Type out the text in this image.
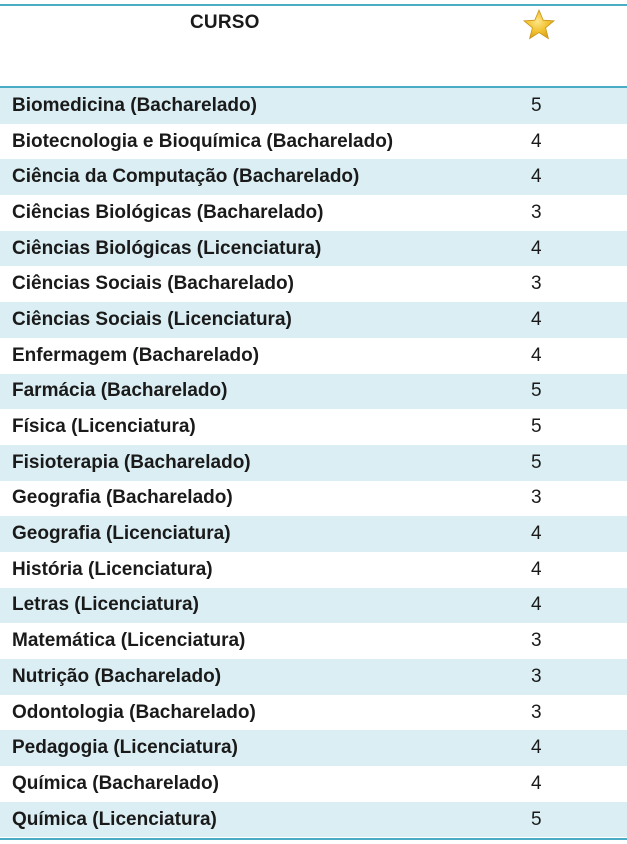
CURSO
Biomedicina (Bacharelado)	5
Biotecnologia e Bioquímica (Bacharelado)	4
Ciência da Computação (Bacharelado)	4
Ciências Biológicas (Bacharelado)	3
Ciências Biológicas (Licenciatura)	4
Ciências Sociais (Bacharelado)	3
Ciências Sociais (Licenciatura)	4
Enfermagem (Bacharelado)	4
Farmácia (Bacharelado)	5
Física (Licenciatura)	5
Fisioterapia (Bacharelado)	5
Geografia (Bacharelado)	3
Geografia (Licenciatura)	4
História (Licenciatura)	4
Letras (Licenciatura)	4
Matemática (Licenciatura)	3
Nutrição (Bacharelado)	3
Odontologia (Bacharelado)	3
Pedagogia (Licenciatura)	4
Química (Bacharelado)	4
Química (Licenciatura)	5
